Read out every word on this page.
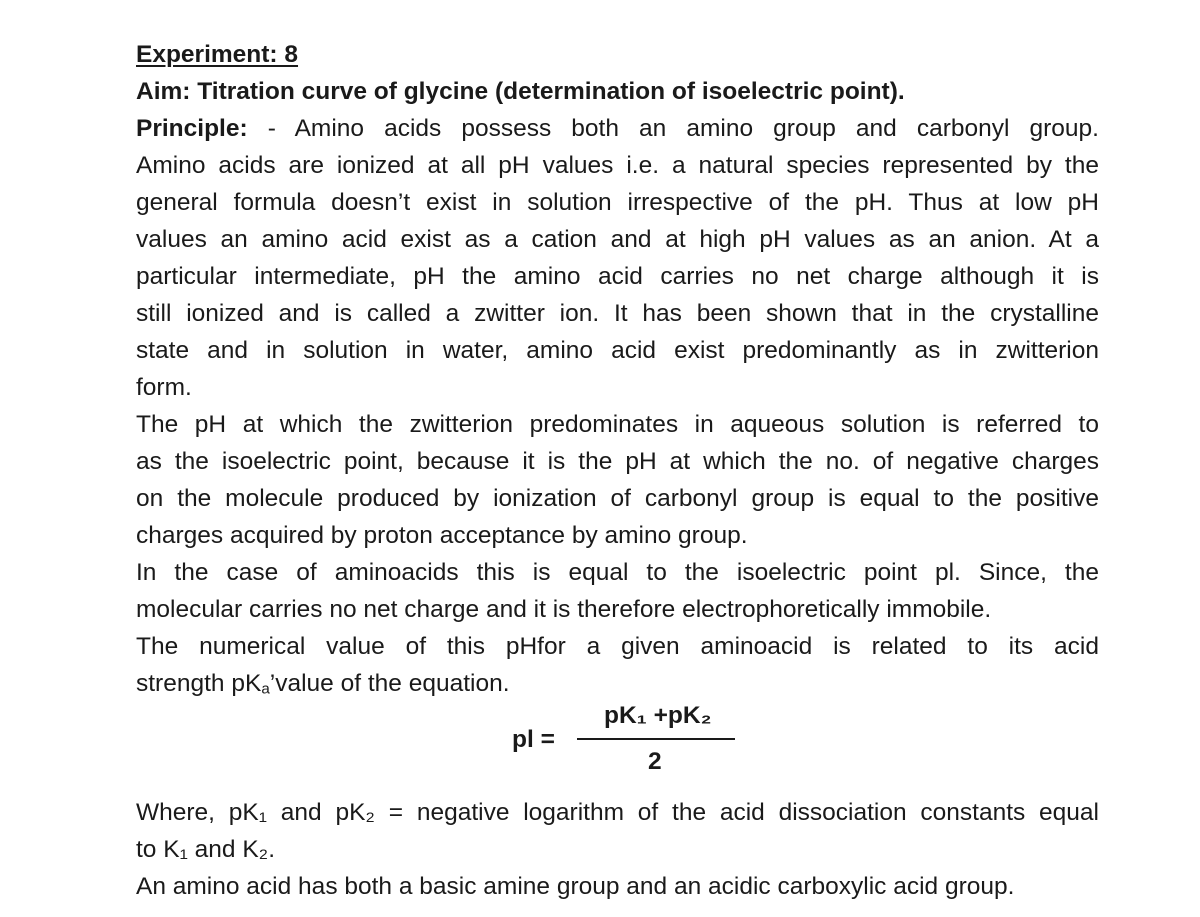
Experiment: 8
Aim: Titration curve of glycine (determination of isoelectric point).
Principle: - Amino acids possess both an amino group and carbonyl group.
Amino acids are ionized at all pH values i.e. a natural species represented by the
general formula doesn’t exist in solution irrespective of the pH. Thus at low pH
values an amino acid exist as a cation and at high pH values as an anion. At a
particular intermediate, pH the amino acid carries no net charge although it is
still ionized and is called a zwitter ion. It has been shown that in the crystalline
state and in solution in water, amino acid exist predominantly as in zwitterion
form.
The pH at which the zwitterion predominates in aqueous solution is referred to
as the isoelectric point, because it is the pH at which the no. of negative charges
on the molecule produced by ionization of carbonyl group is equal to the positive
charges acquired by proton acceptance by amino group.
In the case of aminoacids this is equal to the isoelectric point pl. Since, the
molecular carries no net charge and it is therefore electrophoretically immobile.
The numerical value of this pHfor a given aminoacid is related to its acid
strength $pK_a’value$ of the equation.
pl =
pK₁ +pK₂
2
Where, pK₁ and pK₂ = negative logarithm of the acid dissociation constants equal
to K₁ and K₂.
An amino acid has both a basic amine group and an acidic carboxylic acid group.
